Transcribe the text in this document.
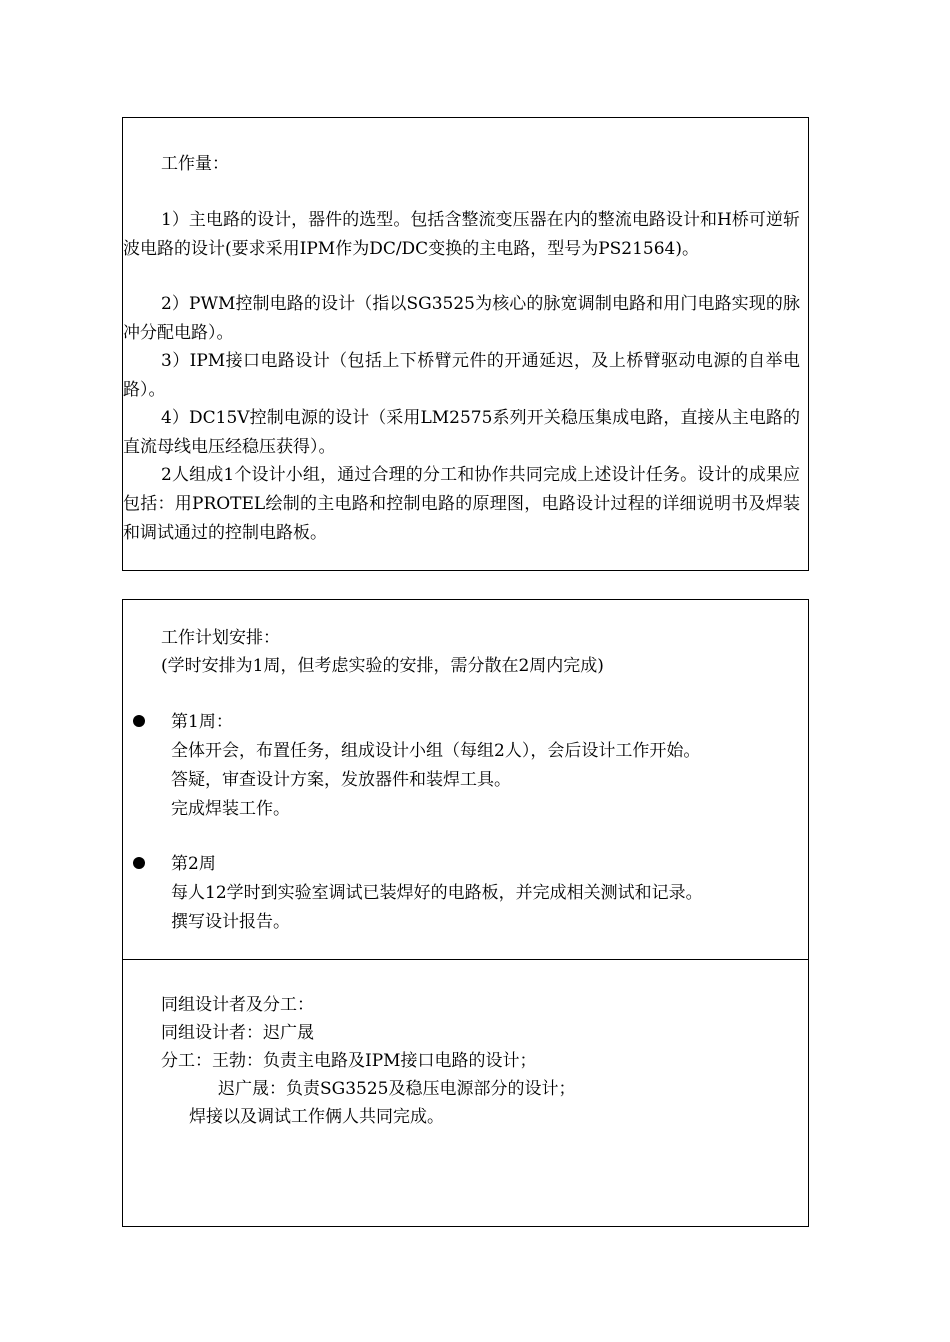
工作量：

1）主电路的设计，器件的选型。包括含整流变压器在内的整流电路设计和H桥可逆斩波电路的设计(要求采用IPM作为DC/DC变换的主电路，型号为PS21564)。

2）PWM控制电路的设计（指以SG3525为核心的脉宽调制电路和用门电路实现的脉冲分配电路）。

3）IPM接口电路设计（包括上下桥臂元件的开通延迟，及上桥臂驱动电源的自举电路）。

4）DC15V控制电源的设计（采用LM2575系列开关稳压集成电路，直接从主电路的直流母线电压经稳压获得）。

2人组成1个设计小组，通过合理的分工和协作共同完成上述设计任务。设计的成果应包括：用PROTEL绘制的主电路和控制电路的原理图，电路设计过程的详细说明书及焊装和调试通过的控制电路板。

工作计划安排：

(学时安排为1周，但考虑实验的安排，需分散在2周内完成)

第1周：

全体开会，布置任务，组成设计小组（每组2人），会后设计工作开始。

答疑，审查设计方案，发放器件和装焊工具。

完成焊装工作。

第2周

每人12学时到实验室调试已装焊好的电路板，并完成相关测试和记录。

撰写设计报告。

同组设计者及分工：

同组设计者：迟广晟

分工：王勃：负责主电路及IPM接口电路的设计；

迟广晟：负责SG3525及稳压电源部分的设计；

焊接以及调试工作俩人共同完成。
